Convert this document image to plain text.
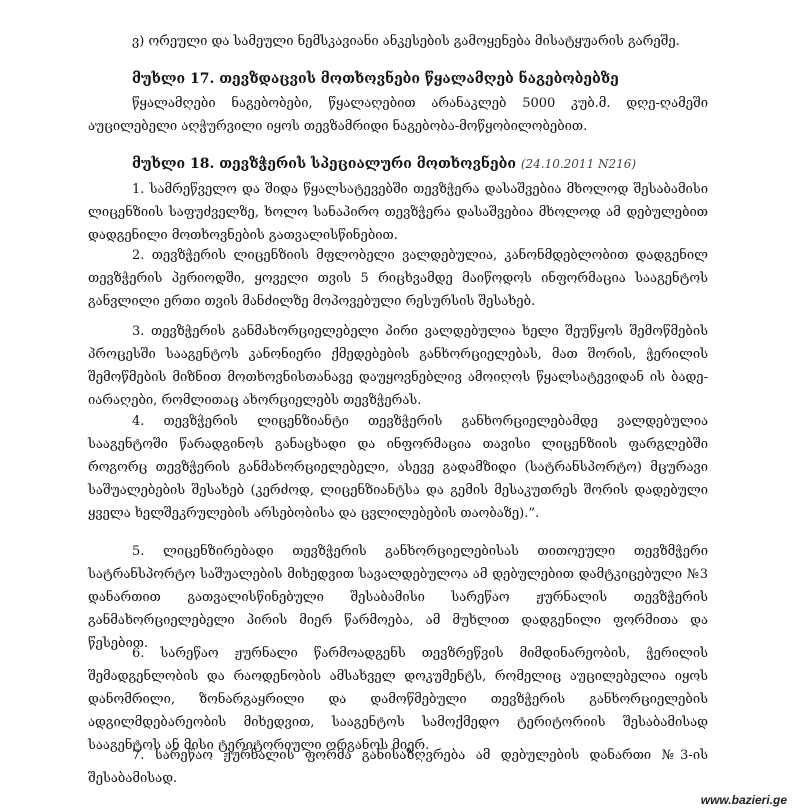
ვ) ორეული და სამეული ნემსკავიანი ანკესების გამოყენება მისატყუარის გარეშე.

მუხლი 17. თევზდაცვის მოთხოვნები წყალამღებ ნაგებობებზე

წყალამღები ნაგებობები, წყალაღებით არანაკლებ 5000 კუბ.მ. დღე-ღამეში აუცილებელი აღჭურვილი იყოს თევზამრიდი ნაგებობა-მოწყობილობებით.

მუხლი 18. თევზჭერის სპეციალური მოთხოვნები (24.10.2011 N216)

1. სამრეწველო და შიდა წყალსატევებში თევზჭერა დასაშვებია მხოლოდ შესაბამისი ლიცენზიის საფუძველზე, ხოლო სანაპირო თევზჭერა დასაშვებია მხოლოდ ამ დებულებით დადგენილი მოთხოვნების გათვალისწინებით.

2. თევზჭერის ლიცენზიის მფლობელი ვალდებულია, კანონმდებლობით დადგენილ თევზჭერის პერიოდში, ყოველი თვის 5 რიცხვამდე მაიწოდოს ინფორმაცია სააგენტოს განვლილი ერთი თვის მანძილზე მოპოვებული რესურსის შესახებ.

3. თევზჭერის განმახორციელებელი პირი ვალდებულია ხელი შეუწყოს შემოწმების პროცესში სააგენტოს კანონიერი ქმედებების განხორციელებას, მათ შორის, ჭერილის შემოწმების მიზნით მოთხოვნისთანავე დაუყოვნებლივ ამოიღოს წყალსატევიდან ის ბადე- იარაღები, რომლითაც ახორციელებს თევზჭერას.

4. თევზჭერის ლიცენზიანტი თევზჭერის განხორციელებამდე ვალდებულია სააგენტოში წარადგინოს განაცხადი და ინფორმაცია თავისი ლიცენზიის ფარგლებში როგორც თევზჭერის განმახორციელებელი, ასევე გადამზიდი (სატრანსპორტო) მცურავი საშუალებების შესახებ (კერძოდ, ლიცენზიანტსა და გემის მესაკუთრეს შორის დადებული ყველა ხელშეკრულების არსებობისა და ცვლილებების თაობაზე).”.

5. ლიცენზირებადი თევზჭერის განხორციელებისას თითოეული თევზმჭერი სატრანსპორტო საშუალების მიხედვით სავალდებულოა ამ დებულებით დამტკიცებული №3 დანართით გათვალისწინებული შესაბამისი სარეწაო ჟურნალის თევზჭერის განმახორციელებელი პირის მიერ წარმოება, ამ მუხლით დადგენილი ფორმითა და წესებით.

6. სარეწაო ჟურნალი წარმოადგენს თევზრეწვის მიმდინარეობის, ჭერილის შემადგენლობის და რაოდენობის ამსახველ დოკუმენტს, რომელიც აუცილებელია იყოს დანომრილი, ზონარგაყრილი და დამოწმებული თევზჭერის განხორციელების ადგილმდებარეობის მიხედვით, სააგენტოს სამოქმედო ტერიტორიის შესაბამისად სააგენტოს ან მისი ტერიტორიული ორგანოს მიერ.

7. სარეწაო ჟურნალის ფორმა განისაზღვრება ამ დებულების დანართი №3-ის შესაბამისად.

www.bazieri.ge
